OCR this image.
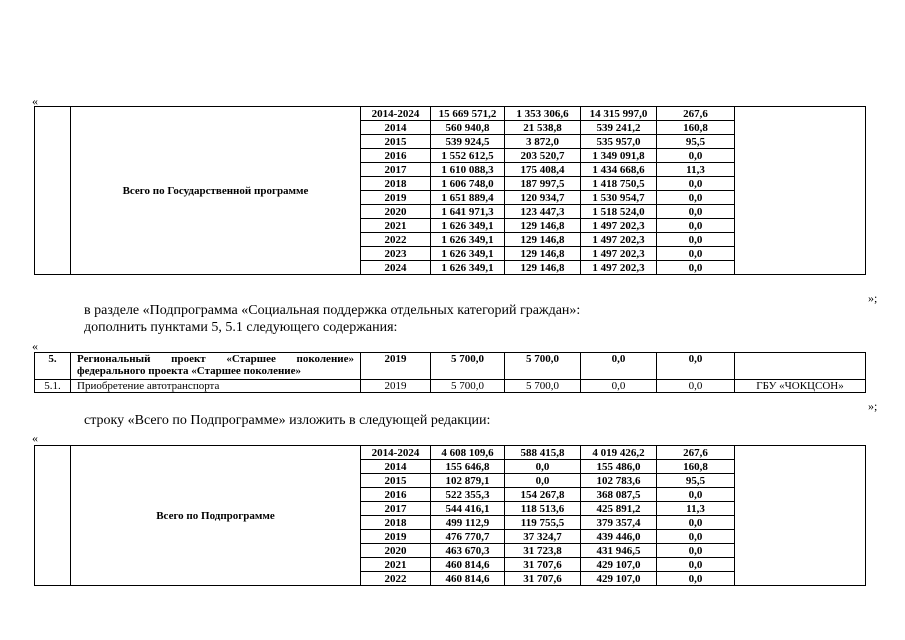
«
	Всего по Государственной программе	2014-2024	15 669 571,2	1 353 306,6	14 315 997,0	267,6	
		2014	560 940,8	21 538,8	539 241,2	160,8	
		2015	539 924,5	3 872,0	535 957,0	95,5	
		2016	1 552 612,5	203 520,7	1 349 091,8	0,0	
		2017	1 610 088,3	175 408,4	1 434 668,6	11,3	
		2018	1 606 748,0	187 997,5	1 418 750,5	0,0	
		2019	1 651 889,4	120 934,7	1 530 954,7	0,0	
		2020	1 641 971,3	123 447,3	1 518 524,0	0,0	
		2021	1 626 349,1	129 146,8	1 497 202,3	0,0	
		2022	1 626 349,1	129 146,8	1 497 202,3	0,0	
		2023	1 626 349,1	129 146,8	1 497 202,3	0,0	
		2024	1 626 349,1	129 146,8	1 497 202,3	0,0	
»;
в разделе «Подпрограмма «Социальная поддержка отдельных категорий граждан»:
дополнить пунктами 5, 5.1 следующего содержания:
«
5.	Региональный проект «Старшее поколение» федерального проекта «Старшее поколение»	2019	5 700,0	5 700,0	0,0	0,0	
5.1.	Приобретение автотранспорта	2019	5 700,0	5 700,0	0,0	0,0	ГБУ «ЧОКЦСОН»
»;
строку «Всего по Подпрограмме» изложить в следующей редакции:
«
	Всего по Подпрограмме	2014-2024	4 608 109,6	588 415,8	4 019 426,2	267,6	
		2014	155 646,8	0,0	155 486,0	160,8	
		2015	102 879,1	0,0	102 783,6	95,5	
		2016	522 355,3	154 267,8	368 087,5	0,0	
		2017	544 416,1	118 513,6	425 891,2	11,3	
		2018	499 112,9	119 755,5	379 357,4	0,0	
		2019	476 770,7	37 324,7	439 446,0	0,0	
		2020	463 670,3	31 723,8	431 946,5	0,0	
		2021	460 814,6	31 707,6	429 107,0	0,0	
		2022	460 814,6	31 707,6	429 107,0	0,0	
